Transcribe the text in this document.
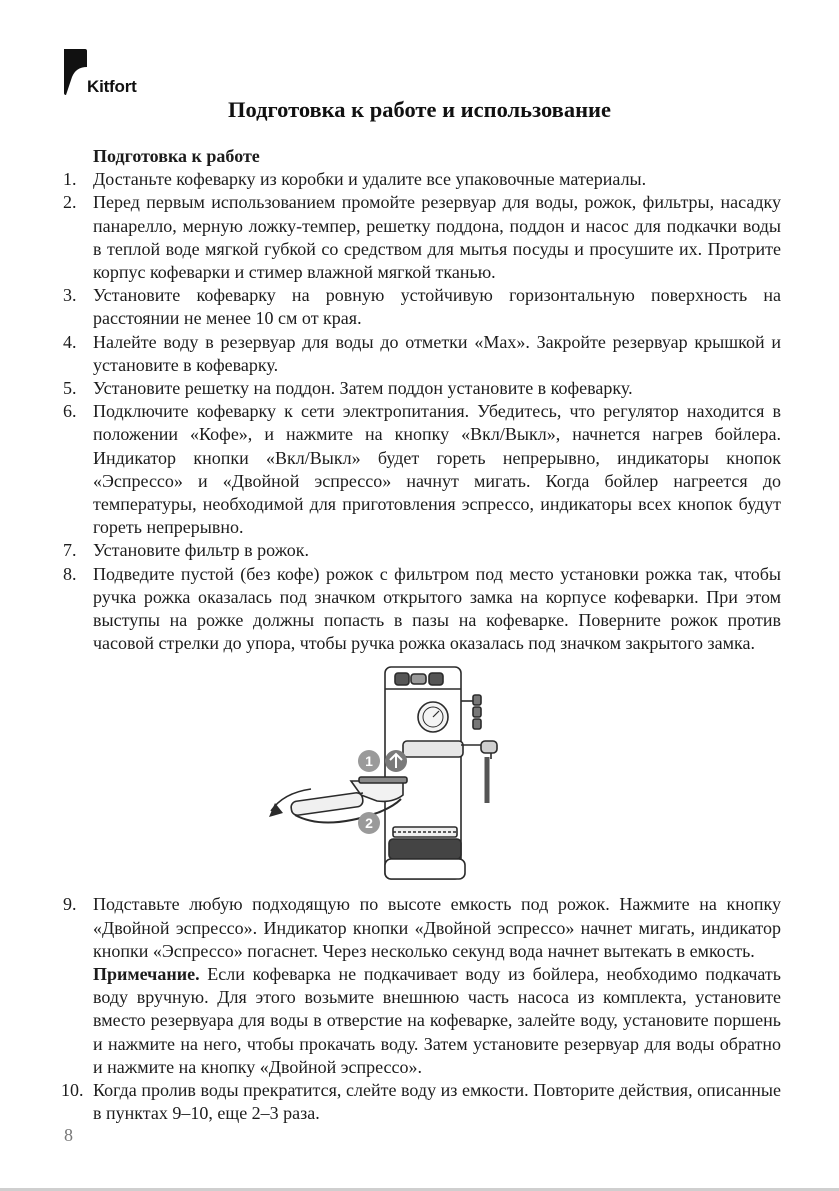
Kitfort
Подготовка к работе и использование
Подготовка к работе
1. Достаньте кофеварку из коробки и удалите все упаковочные материалы.
2. Перед первым использованием промойте резервуар для воды, рожок, фильтры, насадку панарелло, мерную ложку-темпер, решетку поддона, поддон и насос для подкачки воды в теплой воде мягкой губкой со средством для мытья посуды и просушите их. Протрите корпус кофеварки и стимер влажной мягкой тканью.
3. Установите кофеварку на ровную устойчивую горизонтальную поверхность на расстоянии не менее 10 см от края.
4. Налейте воду в резервуар для воды до отметки «Max». Закройте резервуар крышкой и установите в кофеварку.
5. Установите решетку на поддон. Затем поддон установите в кофеварку.
6. Подключите кофеварку к сети электропитания. Убедитесь, что регулятор находится в положении «Кофе», и нажмите на кнопку «Вкл/Выкл», начнется нагрев бойлера. Индикатор кнопки «Вкл/Выкл» будет гореть непрерывно, индикаторы кнопок «Эспрессо» и «Двойной эспрессо» начнут мигать. Когда бойлер нагреется до температуры, необходимой для приготовления эспрессо, индикаторы всех кнопок будут гореть непрерывно.
7. Установите фильтр в рожок.
8. Подведите пустой (без кофе) рожок с фильтром под место установки рожка так, чтобы ручка рожка оказалась под значком открытого замка на корпусе кофеварки. При этом выступы на рожке должны попасть в пазы на кофеварке. Поверните рожок против часовой стрелки до упора, чтобы ручка рожка оказалась под значком закрытого замка.
1
2
9. Подставьте любую подходящую по высоте емкость под рожок. Нажмите на кнопку «Двойной эспрессо». Индикатор кнопки «Двойной эспрессо» начнет мигать, индикатор кнопки «Эспрессо» погаснет. Через несколько секунд вода начнет вытекать в емкость.
Примечание. Если кофеварка не подкачивает воду из бойлера, необходимо подкачать воду вручную. Для этого возьмите внешнюю часть насоса из комплекта, установите вместо резервуара для воды в отверстие на кофеварке, залейте воду, установите поршень и нажмите на него, чтобы прокачать воду. Затем установите резервуар для воды обратно и нажмите на кнопку «Двойной эспрессо».
10. Когда пролив воды прекратится, слейте воду из емкости. Повторите действия, описанные в пунктах 9–10, еще 2–3 раза.
8
